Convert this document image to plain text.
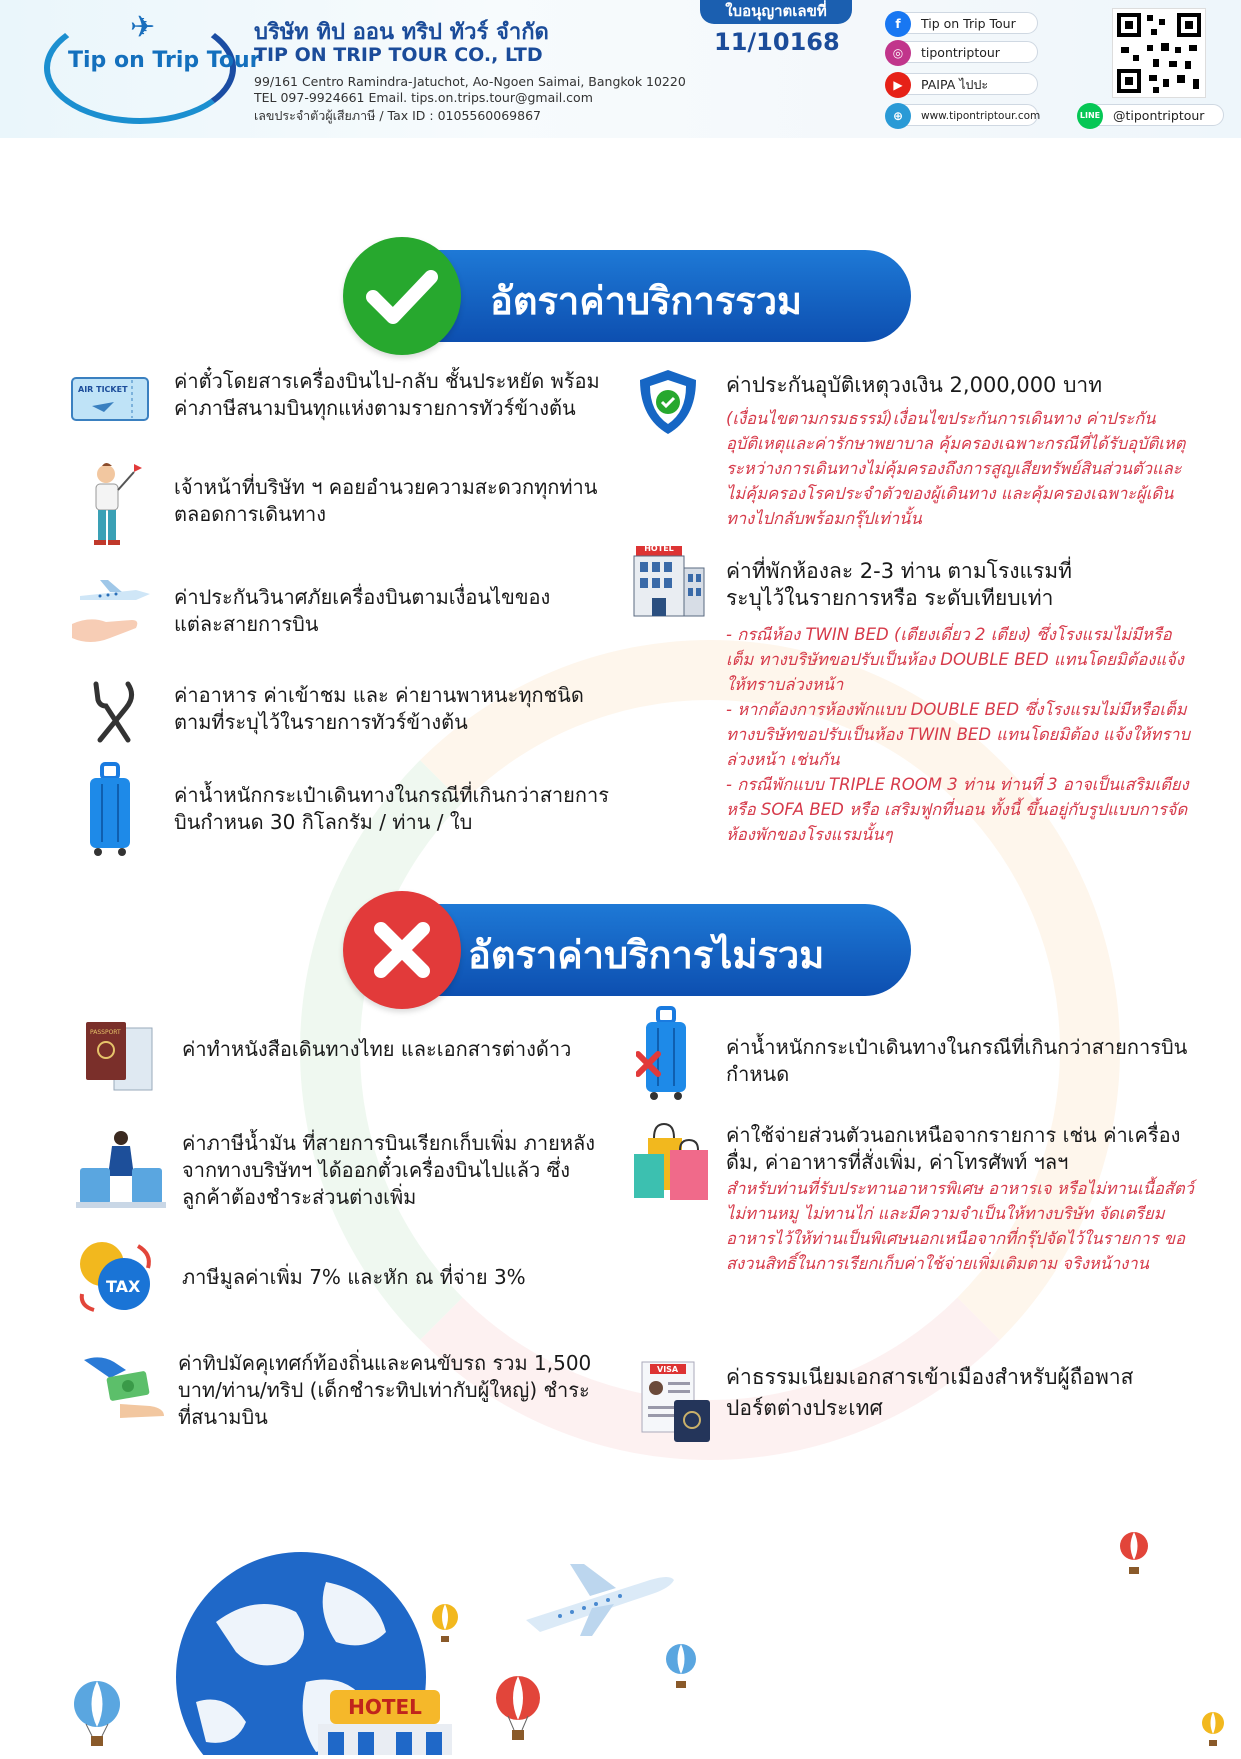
✈
Tip on Trip Tour
บริษัท ทิป ออน ทริป ทัวร์ จำกัด
TIP ON TRIP TOUR CO., LTD
99/161 Centro Ramindra-Jatuchot, Ao-Ngoen Saimai, Bangkok 10220
TEL 097-9924661 Email. tips.on.trips.tour@gmail.com
เลขประจำตัวผู้เสียภาษี / Tax ID : 0105560069867
ใบอนุญาตเลขที่
11/10168
f	Tip on Trip Tour
◎	tipontriptour
▶	PAIPA ไปปะ
⊕	www.tipontriptour.com	LINE @tipontriptour
อัตราค่าบริการรวม
AIR TICKET ค่าตั๋วโดยสารเครื่องบินไป-กลับ ชั้นประหยัด พร้อมค่าภาษีสนามบินทุกแห่งตามรายการทัวร์ข้างต้น
เจ้าหน้าที่บริษัท ฯ คอยอำนวยความสะดวกทุกท่านตลอดการเดินทาง
ค่าประกันวินาศภัยเครื่องบินตามเงื่อนไขของแต่ละสายการบิน
ค่าอาหาร ค่าเข้าชม และ ค่ายานพาหนะทุกชนิด ตามที่ระบุไว้ในรายการทัวร์ข้างต้น
ค่าน้ำหนักกระเป๋าเดินทางในกรณีที่เกินกว่าสายการบินกำหนด 30 กิโลกรัม / ท่าน / ใบ
ค่าประกันอุบัติเหตุวงเงิน 2,000,000 บาท
(เงื่อนไขตามกรมธรรม์)เงื่อนไขประกันการเดินทาง ค่าประกันอุบัติเหตุและค่ารักษาพยาบาล คุ้มครองเฉพาะกรณีที่ได้รับอุบัติเหตุระหว่างการเดินทางไม่คุ้มครองถึงการสูญเสียทรัพย์สินส่วนตัวและไม่คุ้มครองโรคประจำตัวของผู้เดินทาง และคุ้มครองเฉพาะผู้เดินทางไปกลับพร้อมกรุ๊ปเท่านั้น
HOTEL
ค่าที่พักห้องละ 2-3 ท่าน ตามโรงแรมที่ระบุไว้ในรายการหรือ ระดับเทียบเท่า
- กรณีห้อง TWIN BED (เตียงเดี่ยว 2 เตียง) ซึ่งโรงแรมไม่มีหรือเต็ม ทางบริษัทขอปรับเป็นห้อง DOUBLE BED แทนโดยมิต้องแจ้งให้ทราบล่วงหน้า
- หากต้องการห้องพักแบบ DOUBLE BED ซึ่งโรงแรมไม่มีหรือเต็ม ทางบริษัทขอปรับเป็นห้อง TWIN BED แทนโดยมิต้อง แจ้งให้ทราบล่วงหน้า เช่นกัน
- กรณีพักแบบ TRIPLE ROOM 3 ท่าน ท่านที่ 3 อาจเป็นเสริมเตียง หรือ SOFA BED หรือ เสริมฟูกที่นอน ทั้งนี้ ขึ้นอยู่กับรูปแบบการจัดห้องพักของโรงแรมนั้นๆ
อัตราค่าบริการไม่รวม
PASSPORT
ค่าทำหนังสือเดินทางไทย และเอกสารต่างด้าว
ค่าภาษีน้ำมัน ที่สายการบินเรียกเก็บเพิ่ม ภายหลังจากทางบริษัทฯ ได้ออกตั๋วเครื่องบินไปแล้ว ซึ่งลูกค้าต้องชำระส่วนต่างเพิ่ม
TAX ภาษีมูลค่าเพิ่ม 7% และหัก ณ ที่จ่าย 3%
ค่าทิปมัคคุเทศก์ท้องถิ่นและคนขับรถ รวม 1,500 บาท/ท่าน/ทริป (เด็กชำระทิปเท่ากับผู้ใหญ่) ชำระที่สนามบิน
ค่าน้ำหนักกระเป๋าเดินทางในกรณีที่เกินกว่าสายการบินกำหนด
ค่าใช้จ่ายส่วนตัวนอกเหนือจากรายการ เช่น ค่าเครื่องดื่ม, ค่าอาหารที่สั่งเพิ่ม, ค่าโทรศัพท์ ฯลฯ
สำหรับท่านที่รับประทานอาหารพิเศษ อาหารเจ หรือไม่ทานเนื้อสัตว์ ไม่ทานหมู ไม่ทานไก่ และมีความจำเป็นให้ทางบริษัท จัดเตรียมอาหารไว้ให้ท่านเป็นพิเศษนอกเหนือจากที่กรุ๊ปจัดไว้ในรายการ ขอสงวนสิทธิ์ในการเรียกเก็บค่าใช้จ่ายเพิ่มเติมตาม จริงหน้างาน
VISA ค่าธรรมเนียมเอกสารเข้าเมืองสำหรับผู้ถือพาสปอร์ตต่างประเทศ
HOTEL
